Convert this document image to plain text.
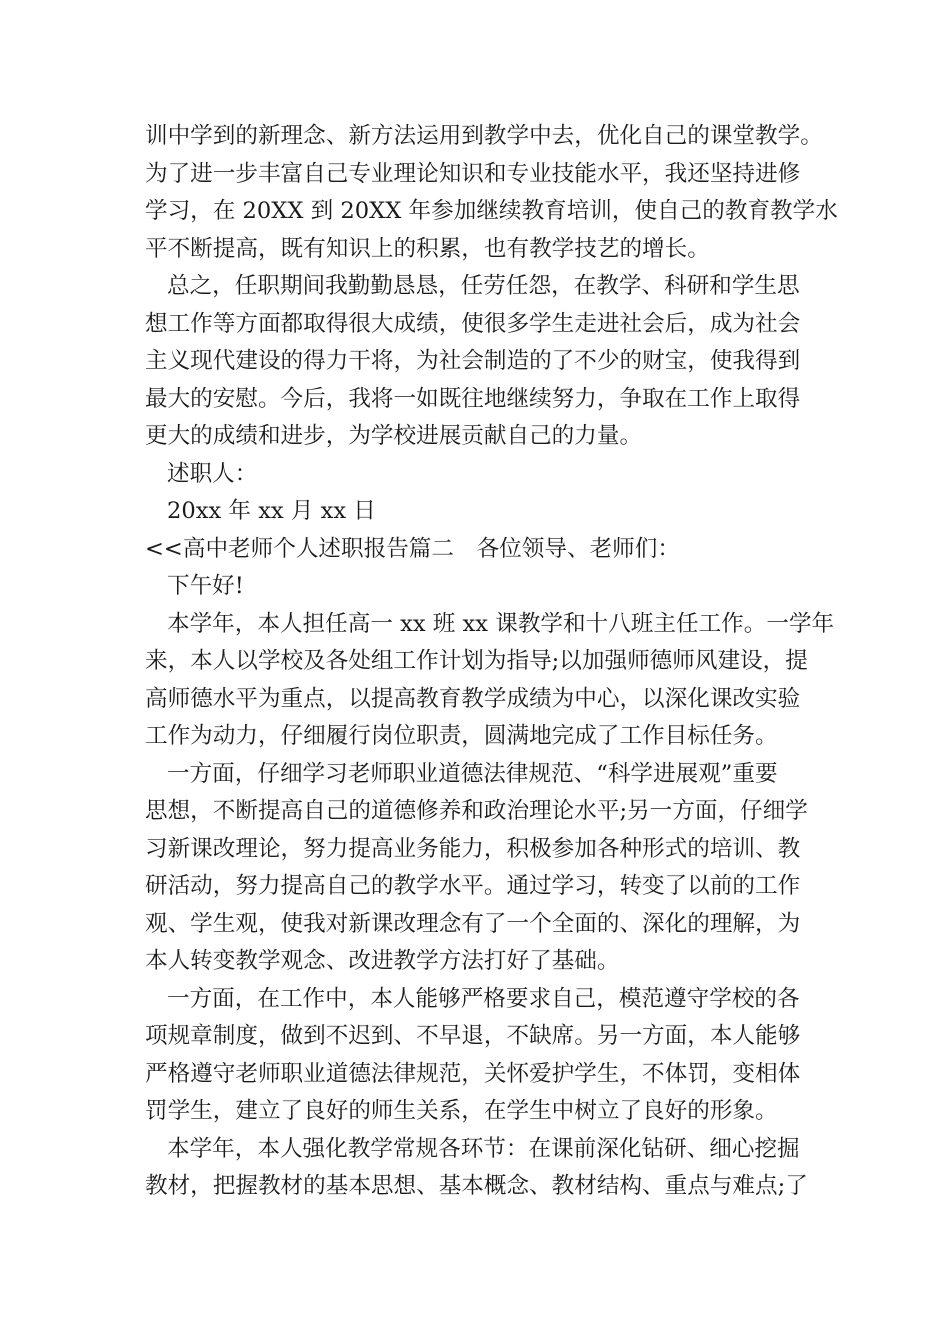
训中学到的新理念、新方法运用到教学中去，优化自己的课堂教学。
为了进一步丰富自己专业理论知识和专业技能水平，我还坚持进修
学习，在 20XX 到 20XX 年参加继续教育培训，使自己的教育教学水
平不断提高，既有知识上的积累，也有教学技艺的增长。
总之，任职期间我勤勤恳恳，任劳任怨，在教学、科研和学生思
想工作等方面都取得很大成绩，使很多学生走进社会后，成为社会
主义现代建设的得力干将，为社会制造的了不少的财宝，使我得到
最大的安慰。今后，我将一如既往地继续努力，争取在工作上取得
更大的成绩和进步，为学校进展贡献自己的力量。
述职人：
20xx 年 xx 月 xx 日
<<高中老师个人述职报告篇二　各位领导、老师们：
下午好!
本学年，本人担任高一 xx 班 xx 课教学和十八班主任工作。一学年
来，本人以学校及各处组工作计划为指导;以加强师德师风建设，提
高师德水平为重点，以提高教育教学成绩为中心，以深化课改实验
工作为动力，仔细履行岗位职责，圆满地完成了工作目标任务。
一方面，仔细学习老师职业道德法律规范、“科学进展观”重要
思想，不断提高自己的道德修养和政治理论水平;另一方面，仔细学
习新课改理论，努力提高业务能力，积极参加各种形式的培训、教
研活动，努力提高自己的教学水平。通过学习，转变了以前的工作
观、学生观，使我对新课改理念有了一个全面的、深化的理解，为
本人转变教学观念、改进教学方法打好了基础。
一方面，在工作中，本人能够严格要求自己，模范遵守学校的各
项规章制度，做到不迟到、不早退，不缺席。另一方面，本人能够
严格遵守老师职业道德法律规范，关怀爱护学生，不体罚，变相体
罚学生，建立了良好的师生关系，在学生中树立了良好的形象。
本学年，本人强化教学常规各环节：在课前深化钻研、细心挖掘
教材，把握教材的基本思想、基本概念、教材结构、重点与难点;了
